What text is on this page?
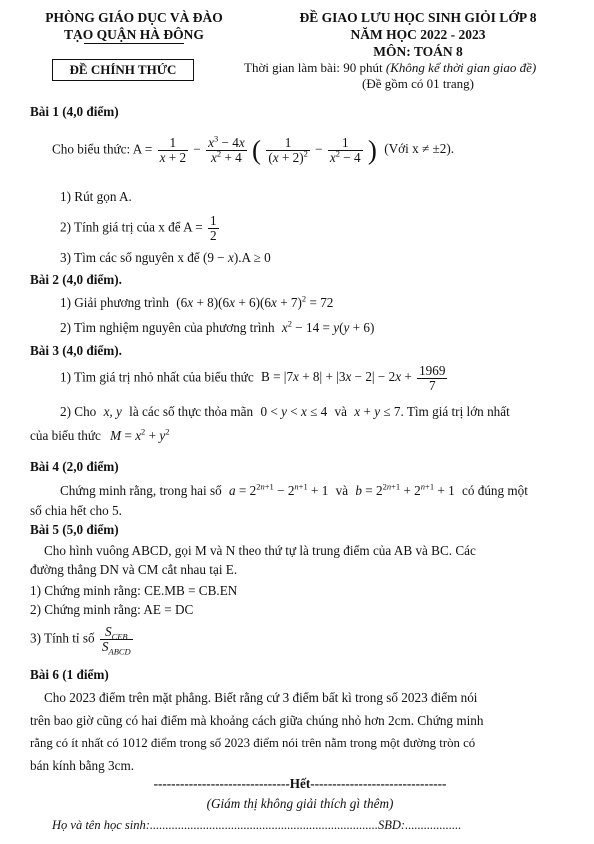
PHÒNG GIÁO DỤC VÀ ĐÀO
TẠO QUẬN HÀ ĐÔNG
ĐỀ CHÍNH THỨC
ĐỀ GIAO LƯU HỌC SINH GIỎI LỚP 8
NĂM HỌC 2022 - 2023
MÔN: TOÁN 8
Thời gian làm bài: 90 phút (Không kể thời gian giao đề)
(Đề gồm có 01 trang)
Bài 1 (4,0 điểm)
Cho biểu thức: $A = \frac{1}{x + 2} - \frac{x^3 - 4x}{x^2 + 4}$ ( $\frac{1}{(x + 2)^2} - \frac{1}{x^2 - 4}$ ) (Với x ≠ ±2).
1) Rút gọn A.
2) Tính giá trị của x để $A = \frac{1}{2}$
3) Tìm các số nguyên x để (9 − x).A ≥ 0
Bài 2 (4,0 điểm).
1) Giải phương trình $(6x + 8)(6x + 6)(6x + 7)^2 = 72$
2) Tìm nghiệm nguyên của phương trình $x^2 - 14 = y(y + 6)$
Bài 3 (4,0 điểm).
1) Tìm giá trị nhỏ nhất của biểu thức $B = |7x + 8| + |3x - 2| - 2x + \frac{1969}{7}$
2) Cho x, y là các số thực thỏa mãn 0 < y < x ≤ 4 và x + y ≤ 7. Tìm giá trị lớn nhất
của biểu thức $M = x^2 + y^2$
Bài 4 (2,0 điểm)
Chứng minh rằng, trong hai số $a = 2^{2n+1} - 2^{n+1} + 1$ và $b = 2^{2n+1} + 2^{n+1} + 1$ có đúng một
số chia hết cho 5.
Bài 5 (5,0 điểm)
Cho hình vuông ABCD, gọi M và N theo thứ tự là trung điểm của AB và BC. Các
đường thẳng DN và CM cắt nhau tại E.
1) Chứng minh rằng: CE.MB = CB.EN
2) Chứng minh rằng: AE = DC
3) Tính tỉ số $\frac{S_{CEB}}{S_{ABCD}}$
Bài 6 (1 điểm)
Cho 2023 điểm trên mặt phẳng. Biết rằng cứ 3 điểm bất kì trong số 2023 điểm nói
trên bao giờ cũng có hai điểm mà khoảng cách giữa chúng nhỏ hơn 2cm. Chứng minh
rằng có ít nhất có 1012 điểm trong số 2023 điểm nói trên nằm trong một đường tròn có
bán kính bằng 3cm.
-------------------------------Hết-------------------------------
(Giám thị không giải thích gì thêm)
Họ và tên học sinh:.........................................................................SBD:..................
